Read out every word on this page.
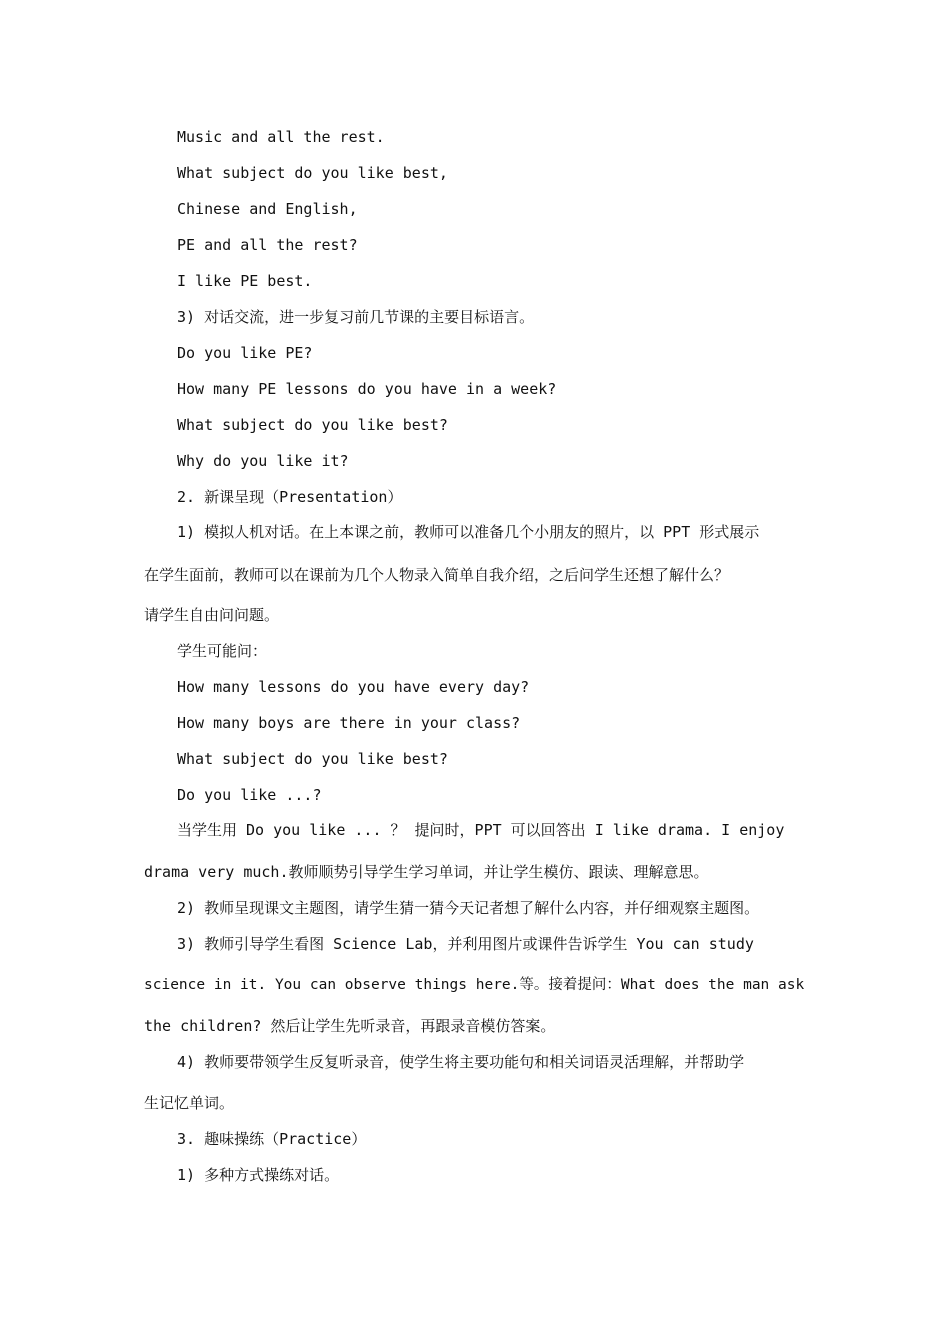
Music and all the rest.
What subject do you like best,
Chinese and English,
PE and all the rest?
I like PE best.
3) 对话交流，进一步复习前几节课的主要目标语言。
Do you like PE?
How many PE lessons do you have in a week?
What subject do you like best?
Why do you like it?
2. 新课呈现（Presentation）
1) 模拟人机对话。在上本课之前，教师可以准备几个小朋友的照片，以 PPT 形式展示
在学生面前，教师可以在课前为几个人物录入简单自我介绍，之后问学生还想了解什么？
请学生自由问问题。
学生可能问：
How many lessons do you have every day?
How many boys are there in your class?
What subject do you like best?
Do you like ...?
当学生用 Do you like ... ？ 提问时，PPT 可以回答出 I like drama. I enjoy
drama very much.教师顺势引导学生学习单词，并让学生模仿、跟读、理解意思。
2) 教师呈现课文主题图，请学生猜一猜今天记者想了解什么内容，并仔细观察主题图。
3) 教师引导学生看图 Science Lab，并利用图片或课件告诉学生 You can study
science in it. You can observe things here.等。接着提问：What does the man ask
the children? 然后让学生先听录音，再跟录音模仿答案。
4) 教师要带领学生反复听录音，使学生将主要功能句和相关词语灵活理解，并帮助学
生记忆单词。
3. 趣味操练（Practice）
1) 多种方式操练对话。
